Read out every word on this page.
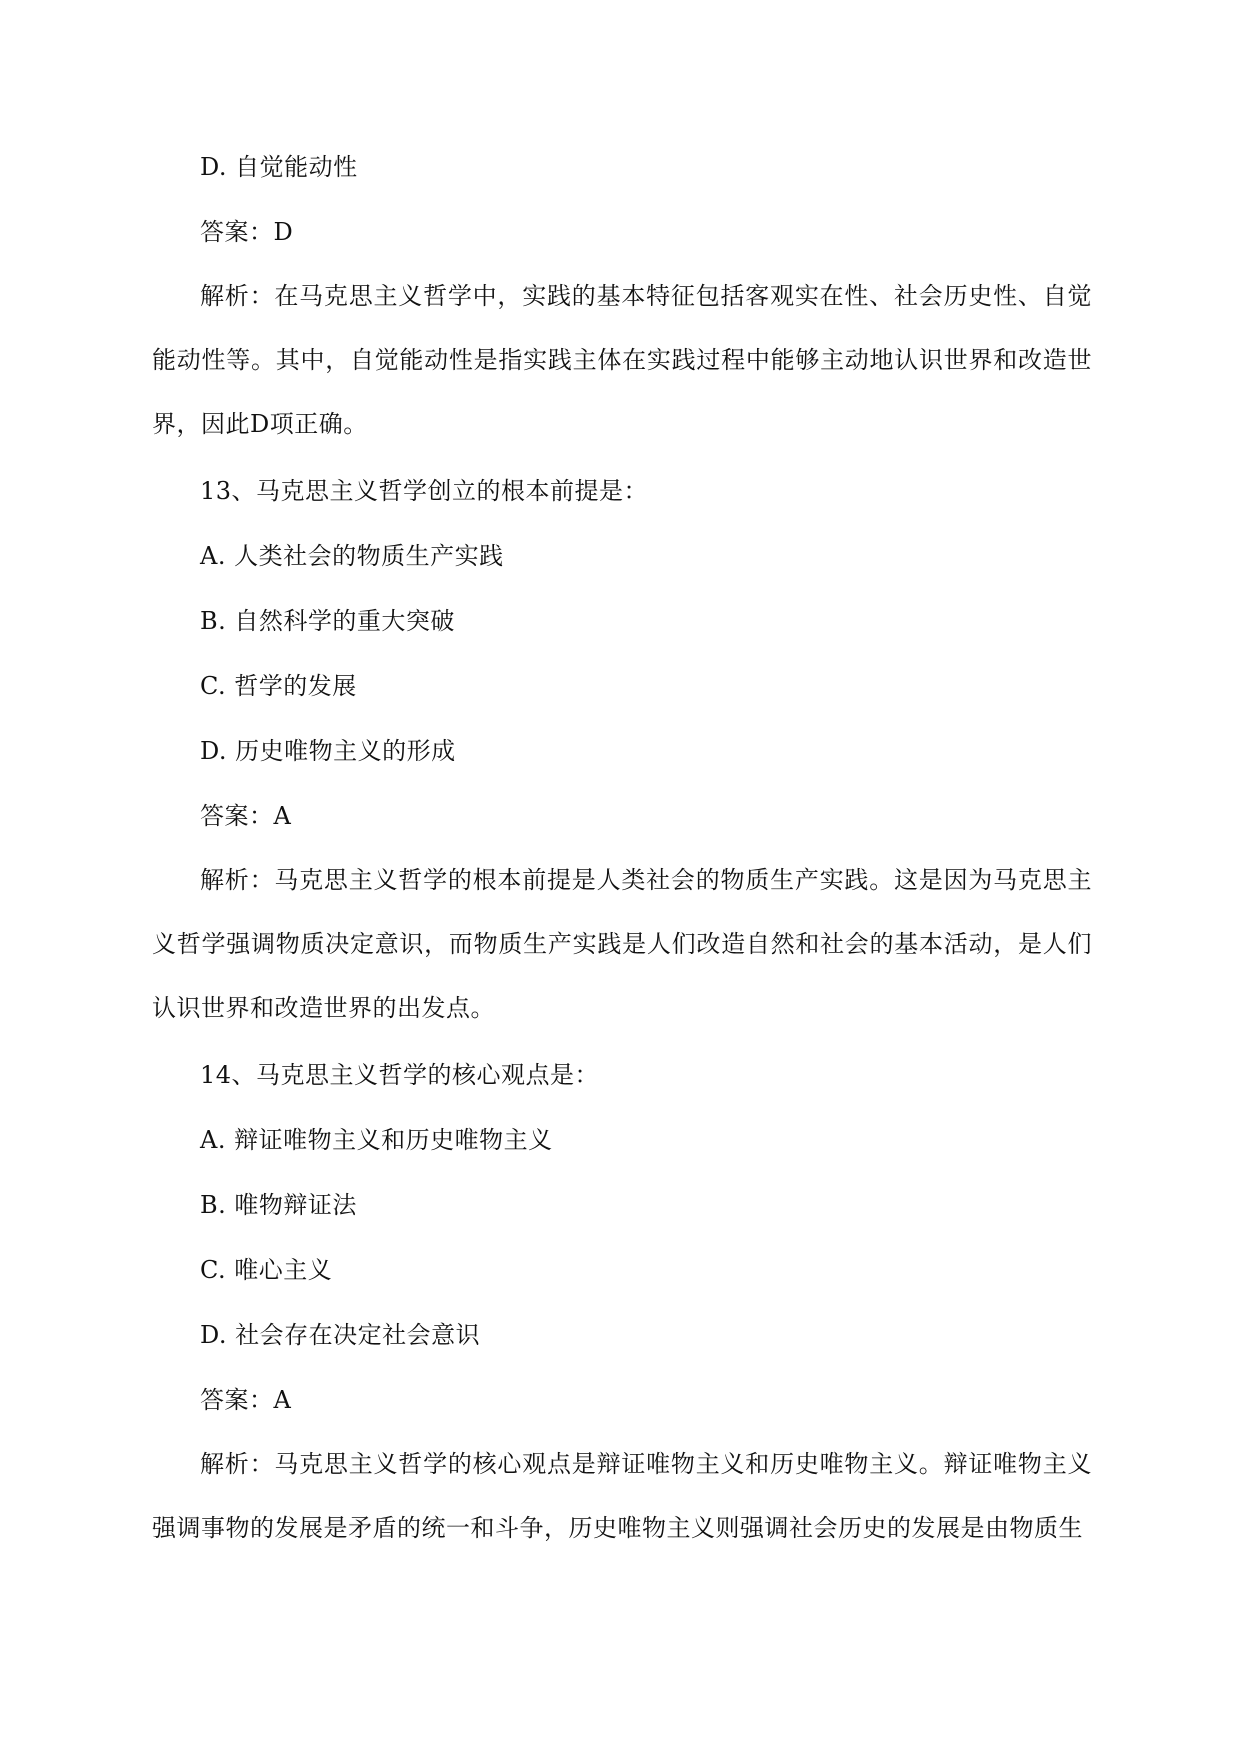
D. 自觉能动性
答案：D
解析：在马克思主义哲学中，实践的基本特征包括客观实在性、社会历史性、自觉能动性等。其中，自觉能动性是指实践主体在实践过程中能够主动地认识世界和改造世界，因此D项正确。
13、马克思主义哲学创立的根本前提是：
A. 人类社会的物质生产实践
B. 自然科学的重大突破
C. 哲学的发展
D. 历史唯物主义的形成
答案：A
解析：马克思主义哲学的根本前提是人类社会的物质生产实践。这是因为马克思主义哲学强调物质决定意识，而物质生产实践是人们改造自然和社会的基本活动，是人们认识世界和改造世界的出发点。
14、马克思主义哲学的核心观点是：
A. 辩证唯物主义和历史唯物主义
B. 唯物辩证法
C. 唯心主义
D. 社会存在决定社会意识
答案：A
解析：马克思主义哲学的核心观点是辩证唯物主义和历史唯物主义。辩证唯物主义强调事物的发展是矛盾的统一和斗争，历史唯物主义则强调社会历史的发展是由物质生
